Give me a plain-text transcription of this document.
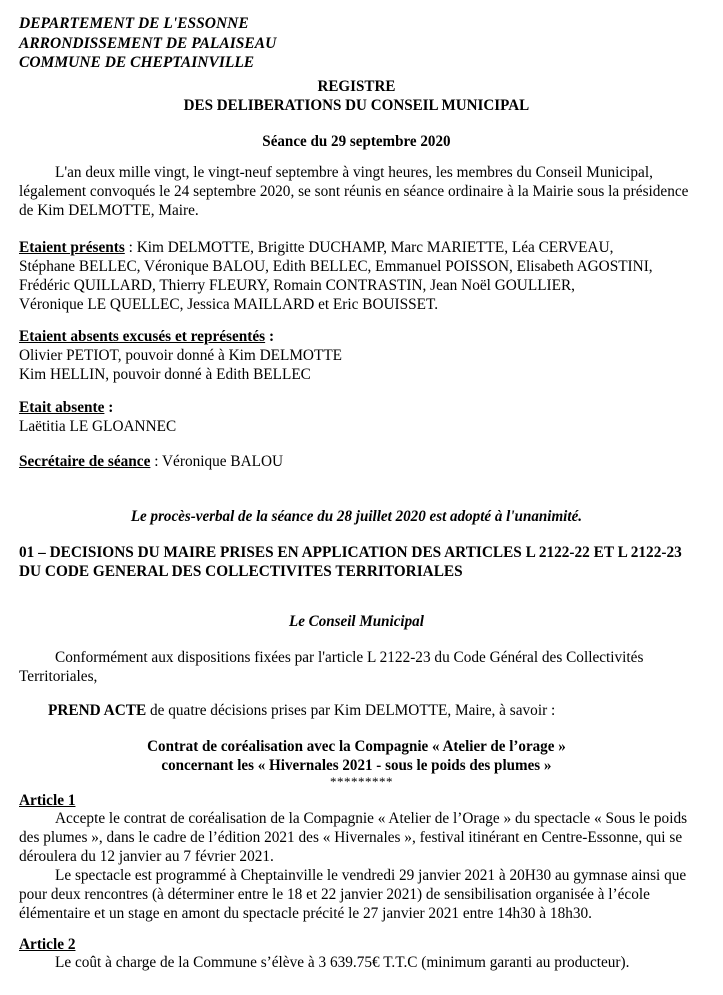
DEPARTEMENT DE L'ESSONNE
ARRONDISSEMENT DE PALAISEAU
COMMUNE DE CHEPTAINVILLE
REGISTRE
DES DELIBERATIONS DU CONSEIL MUNICIPAL
Séance du 29 septembre 2020
L'an deux mille vingt, le vingt-neuf septembre à vingt heures, les membres du Conseil Municipal,
légalement convoqués le 24 septembre 2020, se sont réunis en séance ordinaire à la Mairie sous la présidence
de Kim DELMOTTE, Maire.
Etaient présents : Kim DELMOTTE, Brigitte DUCHAMP, Marc MARIETTE, Léa CERVEAU,
Stéphane BELLEC, Véronique BALOU, Edith BELLEC, Emmanuel POISSON, Elisabeth AGOSTINI,
Frédéric QUILLARD, Thierry FLEURY, Romain CONTRASTIN, Jean Noël GOULLIER,
Véronique LE QUELLEC, Jessica MAILLARD et Eric BOUISSET.
Etaient absents excusés et représentés :
Olivier PETIOT, pouvoir donné à Kim DELMOTTE
Kim HELLIN, pouvoir donné à Edith BELLEC
Etait absente :
Laëtitia LE GLOANNEC
Secrétaire de séance : Véronique BALOU
Le procès-verbal de la séance du 28 juillet 2020 est adopté à l'unanimité.
01 – DECISIONS DU MAIRE PRISES EN APPLICATION DES ARTICLES L 2122-22 ET L 2122-23
DU CODE GENERAL DES COLLECTIVITES TERRITORIALES
Le Conseil Municipal
Conformément aux dispositions fixées par l'article L 2122-23 du Code Général des Collectivités
Territoriales,
PREND ACTE de quatre décisions prises par Kim DELMOTTE, Maire, à savoir :
Contrat de coréalisation avec la Compagnie « Atelier de l’orage »
concernant les « Hivernales 2021 - sous le poids des plumes »
*********
Article 1
Accepte le contrat de coréalisation de la Compagnie « Atelier de l’Orage » du spectacle « Sous le poids
des plumes », dans le cadre de l’édition 2021 des « Hivernales », festival itinérant en Centre-Essonne, qui se
déroulera du 12 janvier au 7 février 2021.
Le spectacle est programmé à Cheptainville le vendredi 29 janvier 2021 à 20H30 au gymnase ainsi que
pour deux rencontres (à déterminer entre le 18 et 22 janvier 2021) de sensibilisation organisée à l’école
élémentaire et un stage en amont du spectacle précité le 27 janvier 2021 entre 14h30 à 18h30.
Article 2
Le coût à charge de la Commune s’élève à 3 639.75€ T.T.C (minimum garanti au producteur).
